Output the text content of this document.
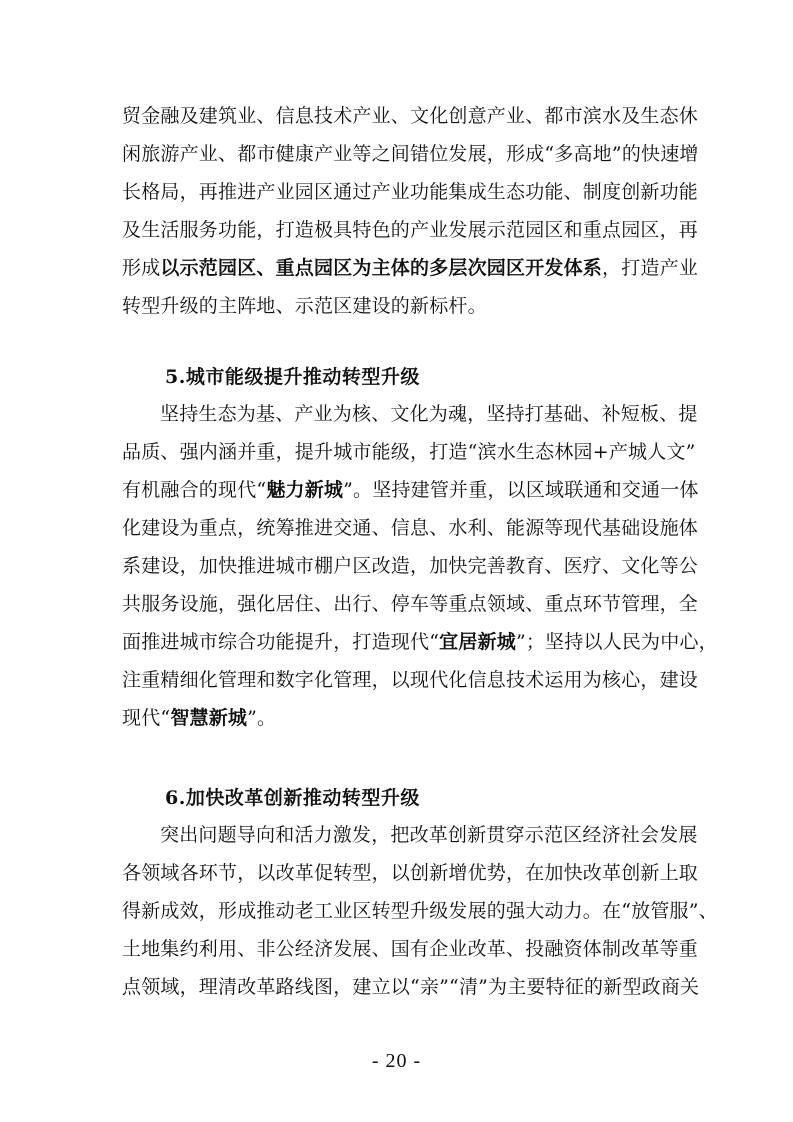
贸金融及建筑业、信息技术产业、文化创意产业、都市滨水及生态休
闲旅游产业、都市健康产业等之间错位发展，形成“多高地”的快速增
长格局，再推进产业园区通过产业功能集成生态功能、制度创新功能
及生活服务功能，打造极具特色的产业发展示范园区和重点园区，再
形成以示范园区、重点园区为主体的多层次园区开发体系，打造产业
转型升级的主阵地、示范区建设的新标杆。
5.城市能级提升推动转型升级
坚持生态为基、产业为核、文化为魂，坚持打基础、补短板、提
品质、强内涵并重，提升城市能级，打造“滨水生态林园+产城人文”
有机融合的现代“魅力新城”。坚持建管并重，以区域联通和交通一体
化建设为重点，统筹推进交通、信息、水利、能源等现代基础设施体
系建设，加快推进城市棚户区改造，加快完善教育、医疗、文化等公
共服务设施，强化居住、出行、停车等重点领域、重点环节管理，全
面推进城市综合功能提升，打造现代“宜居新城”；坚持以人民为中心，
注重精细化管理和数字化管理，以现代化信息技术运用为核心，建设
现代“智慧新城”。
6.加快改革创新推动转型升级
突出问题导向和活力激发，把改革创新贯穿示范区经济社会发展
各领域各环节，以改革促转型，以创新增优势，在加快改革创新上取
得新成效，形成推动老工业区转型升级发展的强大动力。在“放管服”、
土地集约利用、非公经济发展、国有企业改革、投融资体制改革等重
点领域，理清改革路线图，建立以“亲”“清”为主要特征的新型政商关
- 20 -
